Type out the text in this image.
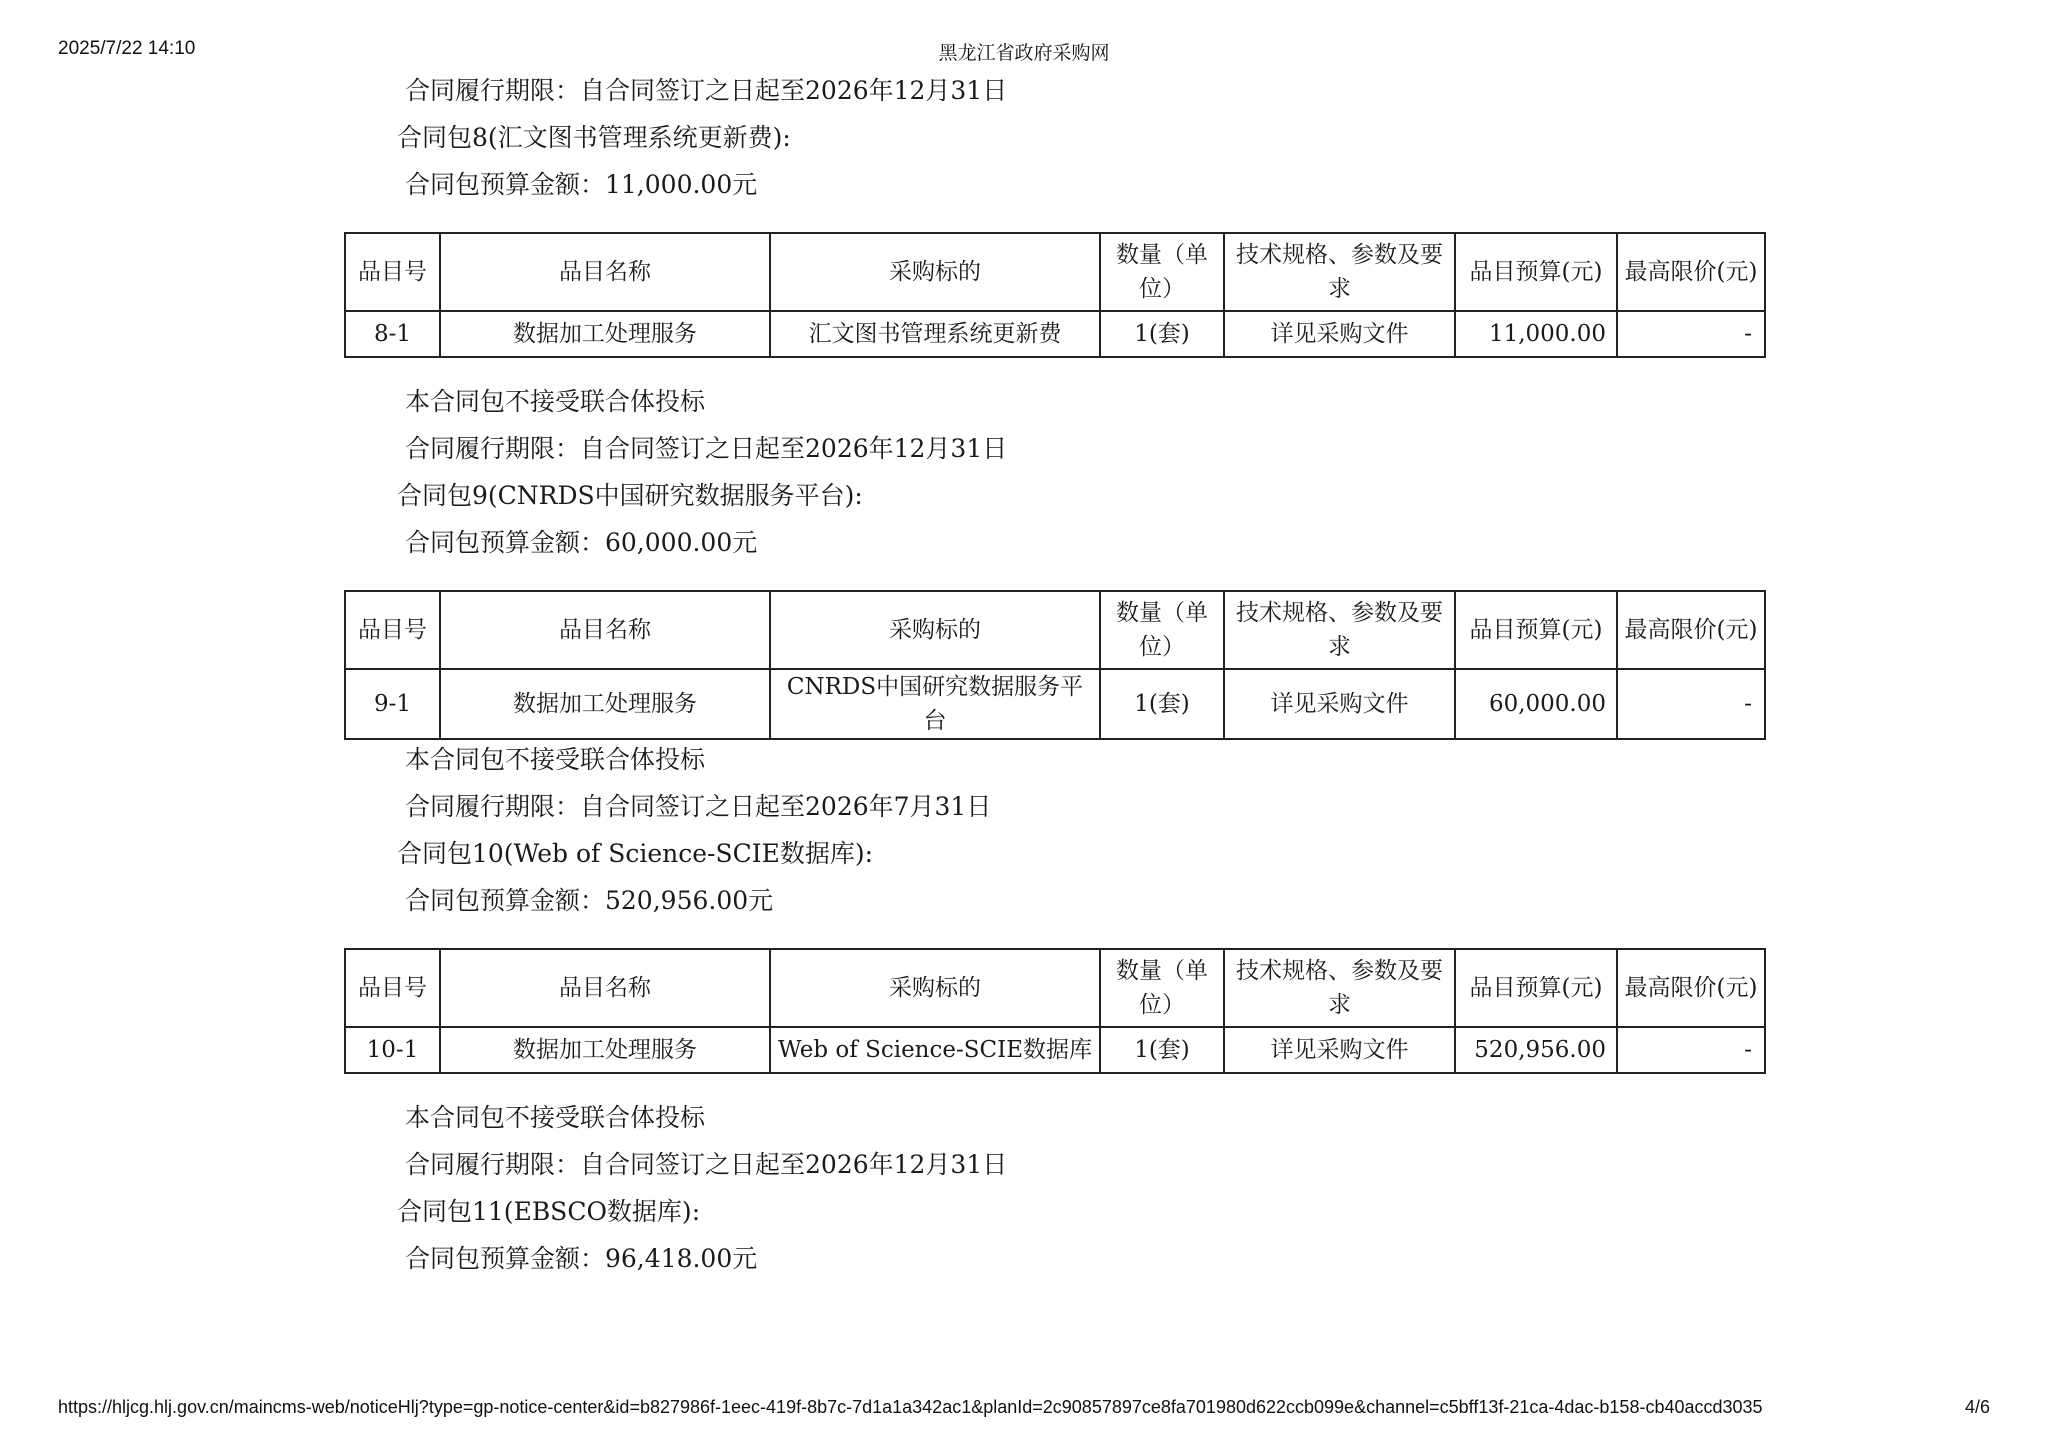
2025/7/22 14:10	黑龙江省政府采购网
合同履行期限：自合同签订之日起至2026年12月31日
合同包8(汇文图书管理系统更新费):
合同包预算金额：11,000.00元
品目号	品目名称	采购标的	数量（单位）	技术规格、参数及要求	品目预算(元)	最高限价(元)
8-1	数据加工处理服务	汇文图书管理系统更新费	1(套)	详见采购文件	11,000.00	-
本合同包不接受联合体投标
合同履行期限：自合同签订之日起至2026年12月31日
合同包9(CNRDS中国研究数据服务平台):
合同包预算金额：60,000.00元
品目号	品目名称	采购标的	数量（单位）	技术规格、参数及要求	品目预算(元)	最高限价(元)
9-1	数据加工处理服务	CNRDS中国研究数据服务平台	1(套)	详见采购文件	60,000.00	-
本合同包不接受联合体投标
合同履行期限：自合同签订之日起至2026年7月31日
合同包10(Web of Science-SCIE数据库):
合同包预算金额：520,956.00元
品目号	品目名称	采购标的	数量（单位）	技术规格、参数及要求	品目预算(元)	最高限价(元)
10-1	数据加工处理服务	Web of Science-SCIE数据库	1(套)	详见采购文件	520,956.00	-
本合同包不接受联合体投标
合同履行期限：自合同签订之日起至2026年12月31日
合同包11(EBSCO数据库):
合同包预算金额：96,418.00元
https://hljcg.hlj.gov.cn/maincms-web/noticeHlj?type=gp-notice-center&id=b827986f-1eec-419f-8b7c-7d1a1a342ac1&planId=2c90857897ce8fa701980d622ccb099e&channel=c5bff13f-21ca-4dac-b158-cb40accd3035	4/6
